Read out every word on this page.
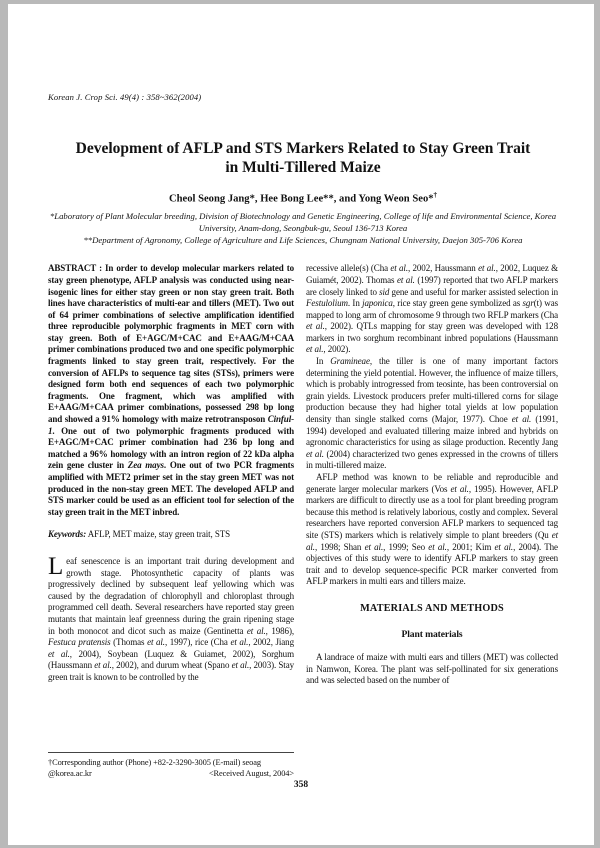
Korean J. Crop Sci. 49(4) : 358~362(2004)
Development of AFLP and STS Markers Related to Stay Green Trait in Multi-Tillered Maize
Cheol Seong Jang*, Hee Bong Lee**, and Yong Weon Seo*†
*Laboratory of Plant Molecular breeding, Division of Biotechnology and Genetic Engineering, College of life and Environmental Science, Korea University, Anam-dong, Seongbuk-gu, Seoul 136-713 Korea
**Department of Agronomy, College of Agriculture and Life Sciences, Chungnam National University, Daejon 305-706 Korea

ABSTRACT : In order to develop molecular markers related to stay green phenotype, AFLP analysis was conducted using near-isogenic lines for either stay green or non stay green trait. Both lines have characteristics of multi-ear and tillers (MET). Two out of 64 primer combinations of selective amplification identified three reproducible polymorphic fragments in MET corn with stay green. Both of E+AGC/M+CAC and E+AAG/M+CAA primer combinations produced two and one specific polymorphic fragments linked to stay green trait, respectively. For the conversion of AFLPs to sequence tag sites (STSs), primers were designed form both end sequences of each two polymorphic fragments. One fragment, which was amplified with E+AAG/M+CAA primer combinations, possessed 298 bp long and showed a 91% homology with maize retrotransposon Cinful-1. One out of two polymorphic fragments produced with E+AGC/M+CAC primer combination had 236 bp long and matched a 96% homology with an intron region of 22 kDa alpha zein gene cluster in Zea mays. One out of two PCR fragments amplified with MET2 primer set in the stay green MET was not produced in the non-stay green MET. The developed AFLP and STS marker could be used as an efficient tool for selection of the stay green trait in the MET inbred.

Keywords: AFLP, MET maize, stay green trait, STS

Leaf senescence is an important trait during development and growth stage. Photosynthetic capacity of plants was progressively declined by subsequent leaf yellowing which was caused by the degradation of chlorophyll and chloroplast through programmed cell death. Several researchers have reported stay green mutants that maintain leaf greenness during the grain ripening stage in both monocot and dicot such as maize (Gentinetta et al., 1986), Festuca pratensis (Thomas et al., 1997), rice (Cha et al., 2002, Jiang et al., 2004), Soybean (Luquez & Guiamet, 2002), Sorghum (Haussmann et al., 2002), and durum wheat (Spano et al., 2003). Stay green trait is known to be controlled by the

†Corresponding author (Phone) +82-2-3290-3005 (E-mail) seoag
@korea.ac.kr	<Received August, 2004>

recessive allele(s) (Cha et al., 2002, Haussmann et al., 2002, Luquez & Guiamét, 2002). Thomas et al. (1997) reported that two AFLP markers are closely linked to sid gene and useful for marker assisted selection in Festulolium. In japonica, rice stay green gene symbolized as sgr(t) was mapped to long arm of chromosome 9 through two RFLP markers (Cha et al., 2002). QTLs mapping for stay green was developed with 128 markers in two sorghum recombinant inbred populations (Haussmann et al., 2002).

In Gramineae, the tiller is one of many important factors determining the yield potential. However, the influence of maize tillers, which is probably introgressed from teosinte, has been controversial on grain yields. Livestock producers prefer multi-tillered corns for silage production because they had higher total yields at low population density than single stalked corns (Major, 1977). Choe et al. (1991, 1994) developed and evaluated tillering maize inbred and hybrids on agronomic characteristics for using as silage production. Recently Jang et al. (2004) characterized two genes expressed in the crowns of tillers in multi-tillered maize.

AFLP method was known to be reliable and reproducible and generate larger molecular markers (Vos et al., 1995). However, AFLP markers are difficult to directly use as a tool for plant breeding program because this method is relatively laborious, costly and complex. Several researchers have reported conversion AFLP markers to sequenced tag site (STS) markers which is relatively simple to plant breeders (Qu et al., 1998; Shan et al., 1999; Seo et al., 2001; Kim et al., 2004). The objectives of this study were to identify AFLP markers to stay green trait and to develop sequence-specific PCR marker converted from AFLP markers in multi ears and tillers maize.

MATERIALS AND METHODS
Plant materials

A landrace of maize with multi ears and tillers (MET) was collected in Namwon, Korea. The plant was self-pollinated for six generations and was selected based on the number of

358
